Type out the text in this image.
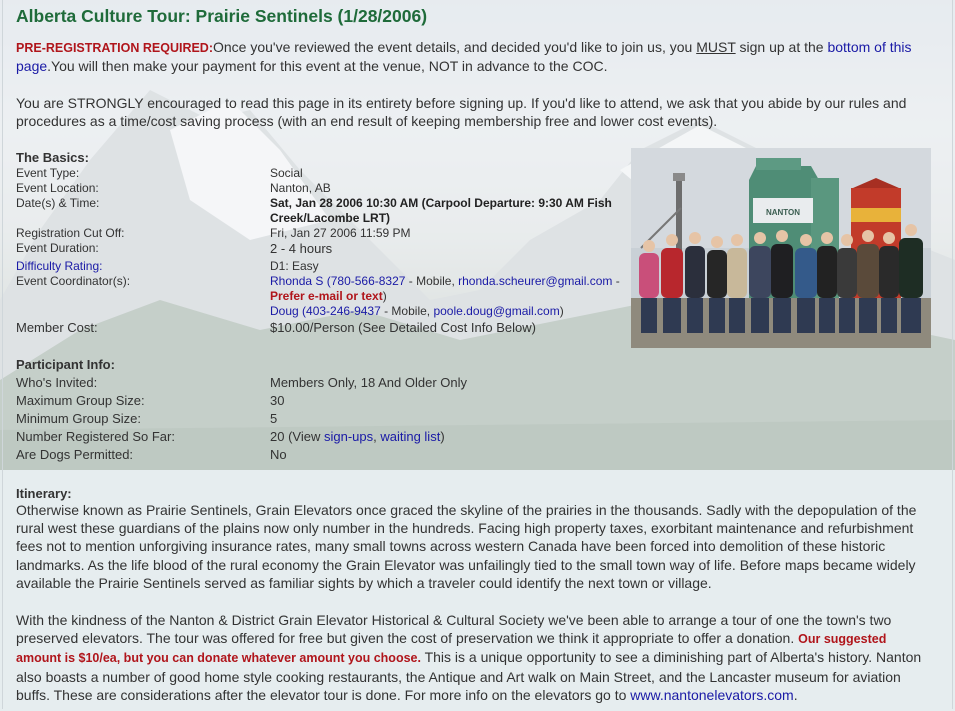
Alberta Culture Tour: Prairie Sentinels (1/28/2006)
PRE-REGISTRATION REQUIRED:Once you've reviewed the event details, and decided you'd like to join us, you MUST sign up at the bottom of this page.You will then make your payment for this event at the venue, NOT in advance to the COC.
You are STRONGLY encouraged to read this page in its entirety before signing up. If you'd like to attend, we ask that you abide by our rules and procedures as a time/cost saving process (with an end result of keeping membership free and lower cost events).
The Basics:
Event Type:	Social
Event Location:	Nanton, AB
Date(s) & Time:	Sat, Jan 28 2006 10:30 AM (Carpool Departure: 9:30 AM Fish Creek/Lacombe LRT)
Registration Cut Off:	Fri, Jan 27 2006 11:59 PM
Event Duration:	2 - 4 hours
Difficulty Rating:	D1: Easy
Event Coordinator(s):	Rhonda S (780-566-8327 - Mobile, rhonda.scheurer@gmail.com -
Prefer e-mail or text)
Doug (403-246-9437 - Mobile, poole.doug@gmail.com)
Member Cost:	$10.00/Person (See Detailed Cost Info Below)
Participant Info:
Who's Invited:	Members Only, 18 And Older Only
Maximum Group Size:	30
Minimum Group Size:	5
Number Registered So Far:	20 (View sign-ups, waiting list)
Are Dogs Permitted:	No
Itinerary:
Otherwise known as Prairie Sentinels, Grain Elevators once graced the skyline of the prairies in the thousands. Sadly with the depopulation of the rural west these guardians of the plains now only number in the hundreds. Facing high property taxes, exorbitant maintenance and refurbishment fees not to mention unforgiving insurance rates, many small towns across western Canada have been forced into demolition of these historic landmarks. As the life blood of the rural economy the Grain Elevator was unfailingly tied to the small town way of life. Before maps became widely available the Prairie Sentinels served as familiar sights by which a traveler could identify the next town or village.
With the kindness of the Nanton & District Grain Elevator Historical & Cultural Society we've been able to arrange a tour of one the town's two preserved elevators. The tour was offered for free but given the cost of preservation we think it appropriate to offer a donation. Our suggested amount is $10/ea, but you can donate whatever amount you choose. This is a unique opportunity to see a diminishing part of Alberta's history. Nanton also boasts a number of good home style cooking restaurants, the Antique and Art walk on Main Street, and the Lancaster museum for aviation buffs. These are considerations after the elevator tour is done. For more info on the elevators go to www.nantonelevators.com.
NANTON
